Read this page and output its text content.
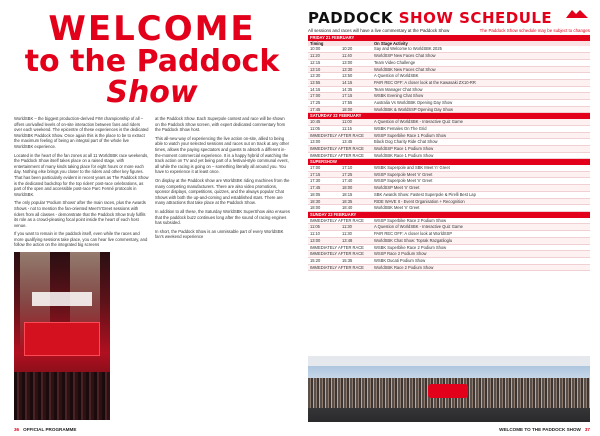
WELCOME
to the Paddock
Show

WorldSBK – the biggest production-derived FIM championship of all – offers unrivalled levels of on-site interaction between fans and riders over each weekend. The epicentre of these experiences is the dedicated WorldSBK Paddock Show. Once again this is the place to be to extract the maximum feeling of being an integral part of the whole live WorldSBK experience.

Located in the heart of the fan zones at all 11 WorldSBK race weekends, the Paddock Show itself takes place on a raised stage, with entertainment of many kinds taking place for eight hours or more each day. Nothing else brings you closer to the riders and other key figures. That has been particularly evident in recent years as The Paddock Show is the dedicated backdrop for the top riders' post-race celebrations, as part of the open and accessible post-race Parc Fermé protocols in WorldSBK.

The only popular 'Podium Shows' after the main races, plus the Awards Shows - not to mention the fan-oriented Meet'n'Greet sessions with riders from all classes - demonstrate that the Paddock Show truly fulfils its role as a crowd-pleasing focal point inside the heart of each host venue.

If you want to remain in the paddock itself, even while the races and more qualifying sessions take place, you can hear live commentary, and follow the action on the integrated big screens

at the Paddock Show. Each Superpole contest and race will be shown on the Paddock Show screen, with expert dedicated commentary from the Paddock Show host.

This all-new way of experiencing the live action on-site, allied to being able to watch your selected sessions and races out on track at any other times, allows the paying spectators and guests to absorb a different in-the-moment commercial experience. It is a happy hybrid of watching the track action on TV and yet being part of a festival-style communal event, all while the racing is going on – something literally all around you. You have to experience it at least once.

On display at the Paddock show are WorldSBK riding machines from the many competing manufacturers. There are also video promotions, sponsor displays, competitions, quizzes, and the always popular Chat Shows with both the up-and-coming and established stars. There are many attractions that take place at the Paddock Show.

In addition to all these, the Saturday WorldSBK SuperShow also ensures that the paddock buzz continues long after the sound of racing engines has subsided.

In short, the Paddock Show is an unmissable part of every WorldSBK fan's weekend experience

36 OFFICIAL PROGRAMME
PADDOCK SHOW SCHEDULE
All sessions and races will have a live commentary at the Paddock Show	The Paddock Show schedule may be subject to changes
FRIDAY 21 FEBRUARY		
Timing		On Stage Activity
10:00	10:20	Say and Welcome to WorldSBK 2025
11:20	11:40	WorldSSP New Faces Chat Show
12:15	13:00	Team Video Challenge
13:10	13:30	WorldSBK New Faces Chat Show
13:30	13:50	A Question of WorldSBK
13:55	14:15	PAIR REC OFF: A closer look at the Kawasaki ZX10-RR
14:15	14:35	Team Manager Chat Show
17:00	17:15	WSBK Evening Chat Show
17:25	17:55	Australia Vs WorldSBK Opening Day Show
17:45	18:00	WorldSBK & WorldSSP Opening Day Show
SATURDAY 22 FEBRUARY		
10:45	11:00	A Question of WorldSBK - Interactive Quiz Game
11:05	11:15	WSBK Females On The Grid
IMMEDIATELY AFTER RACE		WSSP Superbike Race 1 Podium Show
13:00	13:45	Black Dog Charity Ride Chat Show
IMMEDIATELY AFTER RACE		WorldSSP Race 1 Podium Show
IMMEDIATELY AFTER RACE		WorldSBK Race 1 Podium Show
SUPERSHOW		
17:00	17:10	WSBK Superpole and SBK Meet 'n' Greet
17:15	17:25	WSSP Superpole Meet 'n' Greet
17:30	17:40	WSSP Superpole Meet 'n' Greet
17:45	18:00	WorldSSP Meet 'n' Greet
18:05	18:15	SBK Awards Show: Fastest Superpole & Pirelli Best Lap
18:30	18:35	RIDE WAVE It - Event Organisation + Recognition
18:00	18:40	WorldSBK Meet 'n' Greet
SUNDAY 23 FEBRUARY		
IMMEDIATELY AFTER RACE		WSSP Superbike Race 2 Podium Show
11:05	11:30	A Question of WorldSBK - Interactive Quiz Game
11:10	11:30	PAIR REC OFF: A closer look at WorldSSP
13:00	13:48	WorldSBK Chat Show: Toprak Razgatlioglu
IMMEDIATELY AFTER RACE		WSBK Superbike Race 2 Podium Show
IMMEDIATELY AFTER RACE		WSSP Race 2 Podium Show
15:20	15:35	WSBK Ducati Podium Show
IMMEDIATELY AFTER RACE		WorldSBK Race 2 Podium Show
WELCOME TO THE PADDOCK SHOW 37
